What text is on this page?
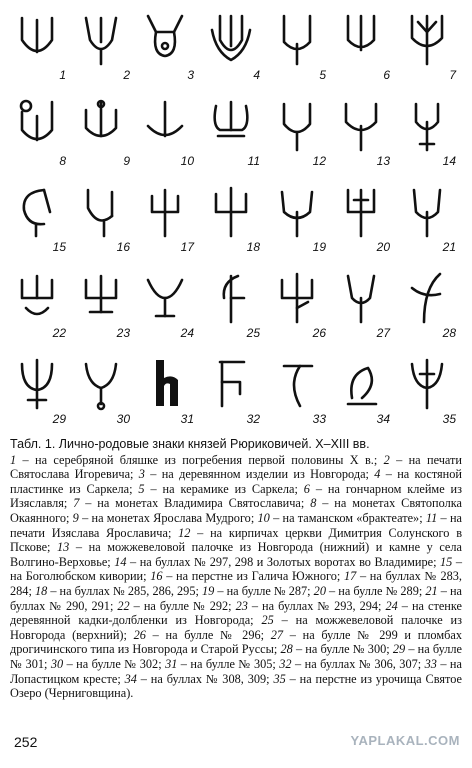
1	2	3	4	5	6	7
8	9	10	11	12	13	14
15	16	17	18	19	20	21
22	23	24	25	26	27	28
29	30	31	32	33	34	35
Табл. 1. Лично-родовые знаки князей Рюриковичей. X–XIII вв.
1 – на серебряной бляшке из погребения первой половины X в.; 2 – на печати Святослава Игоревича; 3 – на деревянном изделии из Новгорода; 4 – на костяной пластинке из Саркела; 5 – на керамике из Саркела; 6 – на гончарном клейме из Изяславля; 7 – на монетах Владимира Святославича; 8 – на монетах Святополка Окаянного; 9 – на монетах Ярослава Мудрого; 10 – на таманском «брактеате»; 11 – на печати Изяслава Ярославича; 12 – на кирпичах церкви Димитрия Солунского в Пскове; 13 – на можжевеловой палочке из Новгорода (нижний) и камне у села Волгино-Верховье; 14 – на буллах № 297, 298 и Золотых воротах во Владимире; 15 – на Боголюбском кивории; 16 – на перстне из Галича Южного; 17 – на буллах № 283, 284; 18 – на буллах № 285, 286, 295; 19 – на булле № 287; 20 – на булле № 289; 21 – на буллах № 290, 291; 22 – на булле № 292; 23 – на буллах № 293, 294; 24 – на стенке деревянной кадки-долбленки из Новгорода; 25 – на можжевеловой палочке из Новгорода (верхний); 26 – на булле № 296; 27 – на булле № 299 и пломбах дрогичинского типа из Новгорода и Старой Руссы; 28 – на булле № 300; 29 – на булле № 301; 30 – на булле № 302; 31 – на булле № 305; 32 – на буллах № 306, 307; 33 – на Лопастицком кресте; 34 – на буллах № 308, 309; 35 – на перстне из урочища Святое Озеро (Черниговщина).
252	YAPLAKAL.COM
